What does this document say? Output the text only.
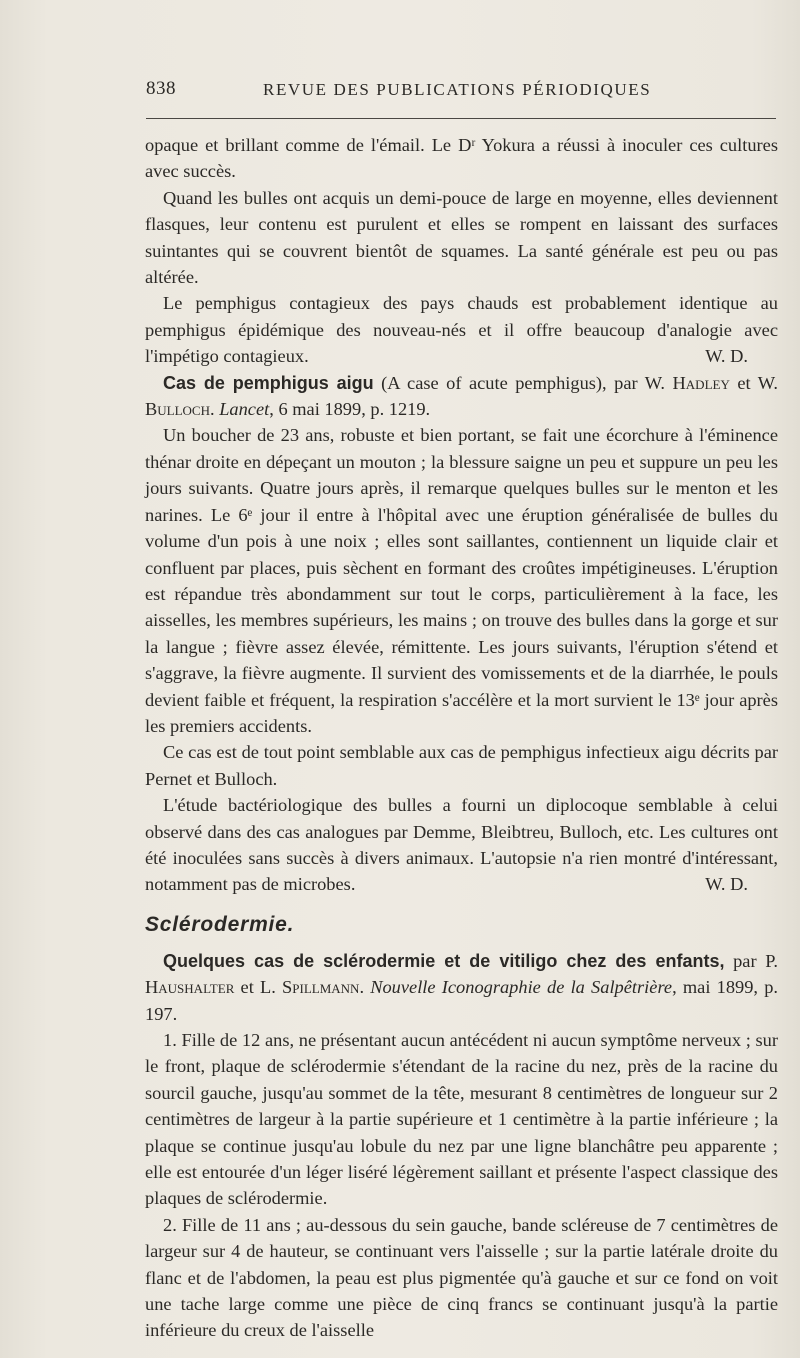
838	REVUE DES PUBLICATIONS PÉRIODIQUES

opaque et brillant comme de l'émail. Le Dʳ Yokura a réussi à inoculer ces cultures avec succès.

Quand les bulles ont acquis un demi-pouce de large en moyenne, elles deviennent flasques, leur contenu est purulent et elles se rompent en laissant des surfaces suintantes qui se couvrent bientôt de squames. La santé générale est peu ou pas altérée.

Le pemphigus contagieux des pays chauds est probablement identique au pemphigus épidémique des nouveau-nés et il offre beaucoup d'analogie avec l'impétigo contagieux.	W. D.

Cas de pemphigus aigu (A case of acute pemphigus), par W. Hadley et W. Bulloch. Lancet, 6 mai 1899, p. 1219.

Un boucher de 23 ans, robuste et bien portant, se fait une écorchure à l'éminence thénar droite en dépeçant un mouton ; la blessure saigne un peu et suppure un peu les jours suivants. Quatre jours après, il remarque quelques bulles sur le menton et les narines. Le 6ᵉ jour il entre à l'hôpital avec une éruption généralisée de bulles du volume d'un pois à une noix ; elles sont saillantes, contiennent un liquide clair et confluent par places, puis sèchent en formant des croûtes impétigineuses. L'éruption est répandue très abondamment sur tout le corps, particulièrement à la face, les aisselles, les membres supérieurs, les mains ; on trouve des bulles dans la gorge et sur la langue ; fièvre assez élevée, rémittente. Les jours suivants, l'éruption s'étend et s'aggrave, la fièvre augmente. Il survient des vomissements et de la diarrhée, le pouls devient faible et fréquent, la respiration s'accélère et la mort survient le 13ᵉ jour après les premiers accidents.

Ce cas est de tout point semblable aux cas de pemphigus infectieux aigu décrits par Pernet et Bulloch.

L'étude bactériologique des bulles a fourni un diplocoque semblable à celui observé dans des cas analogues par Demme, Bleibtreu, Bulloch, etc. Les cultures ont été inoculées sans succès à divers animaux. L'autopsie n'a rien montré d'intéressant, notamment pas de microbes.	W. D.

Sclérodermie.

Quelques cas de sclérodermie et de vitiligo chez des enfants, par P. Haushalter et L. Spillmann. Nouvelle Iconographie de la Salpêtrière, mai 1899, p. 197.

1. Fille de 12 ans, ne présentant aucun antécédent ni aucun symptôme nerveux ; sur le front, plaque de sclérodermie s'étendant de la racine du nez, près de la racine du sourcil gauche, jusqu'au sommet de la tête, mesurant 8 centimètres de longueur sur 2 centimètres de largeur à la partie supérieure et 1 centimètre à la partie inférieure ; la plaque se continue jusqu'au lobule du nez par une ligne blanchâtre peu apparente ; elle est entourée d'un léger liséré légèrement saillant et présente l'aspect classique des plaques de sclérodermie.

2. Fille de 11 ans ; au-dessous du sein gauche, bande scléreuse de 7 centimètres de largeur sur 4 de hauteur, se continuant vers l'aisselle ; sur la partie latérale droite du flanc et de l'abdomen, la peau est plus pigmentée qu'à gauche et sur ce fond on voit une tache large comme une pièce de cinq francs se continuant jusqu'à la partie inférieure du creux de l'aisselle
